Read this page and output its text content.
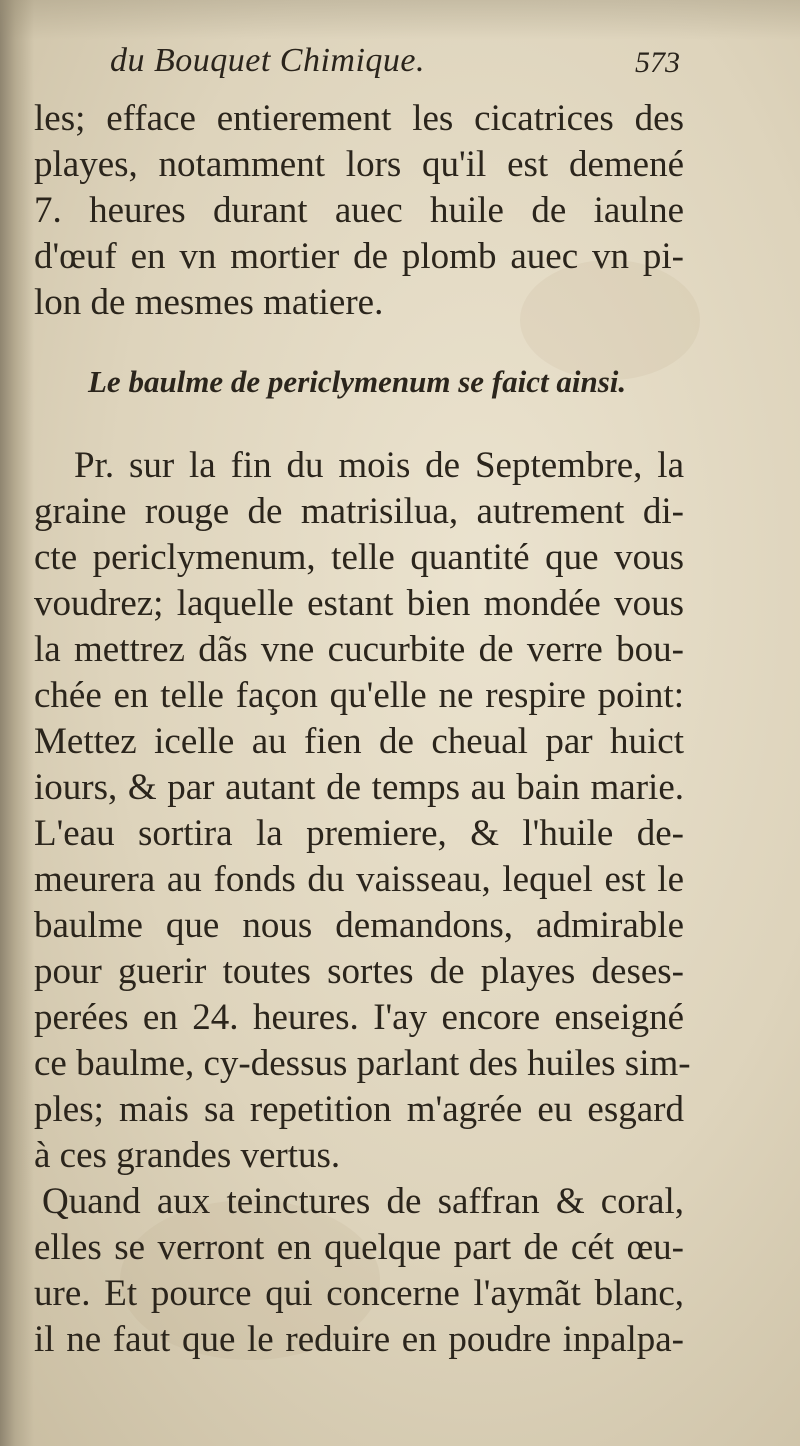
du Bouquet Chimique.	573
les; efface entierement les cicatrices des
playes, notamment lors qu'il est demené
7. heures durant auec huile de iaulne
d'œuf en vn mortier de plomb auec vn pi-
lon de mesmes matiere.
Le baulme de periclymenum se faict ainsi.
Pr. sur la fin du mois de Septembre, la
graine rouge de matrisilua, autrement di-
cte periclymenum, telle quantité que vous
voudrez; laquelle estant bien mondée vous
la mettrez dãs vne cucurbite de verre bou-
chée en telle façon qu'elle ne respire point:
Mettez icelle au fien de cheual par huict
iours, & par autant de temps au bain marie.
L'eau sortira la premiere, & l'huile de-
meurera au fonds du vaisseau, lequel est le
baulme que nous demandons, admirable
pour guerir toutes sortes de playes deses-
perées en 24. heures. I'ay encore enseigné
ce baulme, cy-dessus parlant des huiles sim-
ples; mais sa repetition m'agrée eu esgard
à ces grandes vertus.
Quand aux teinctures de saffran & coral,
elles se verront en quelque part de cét œu-
ure. Et pource qui concerne l'aymãt blanc,
il ne faut que le reduire en poudre inpalpa-
